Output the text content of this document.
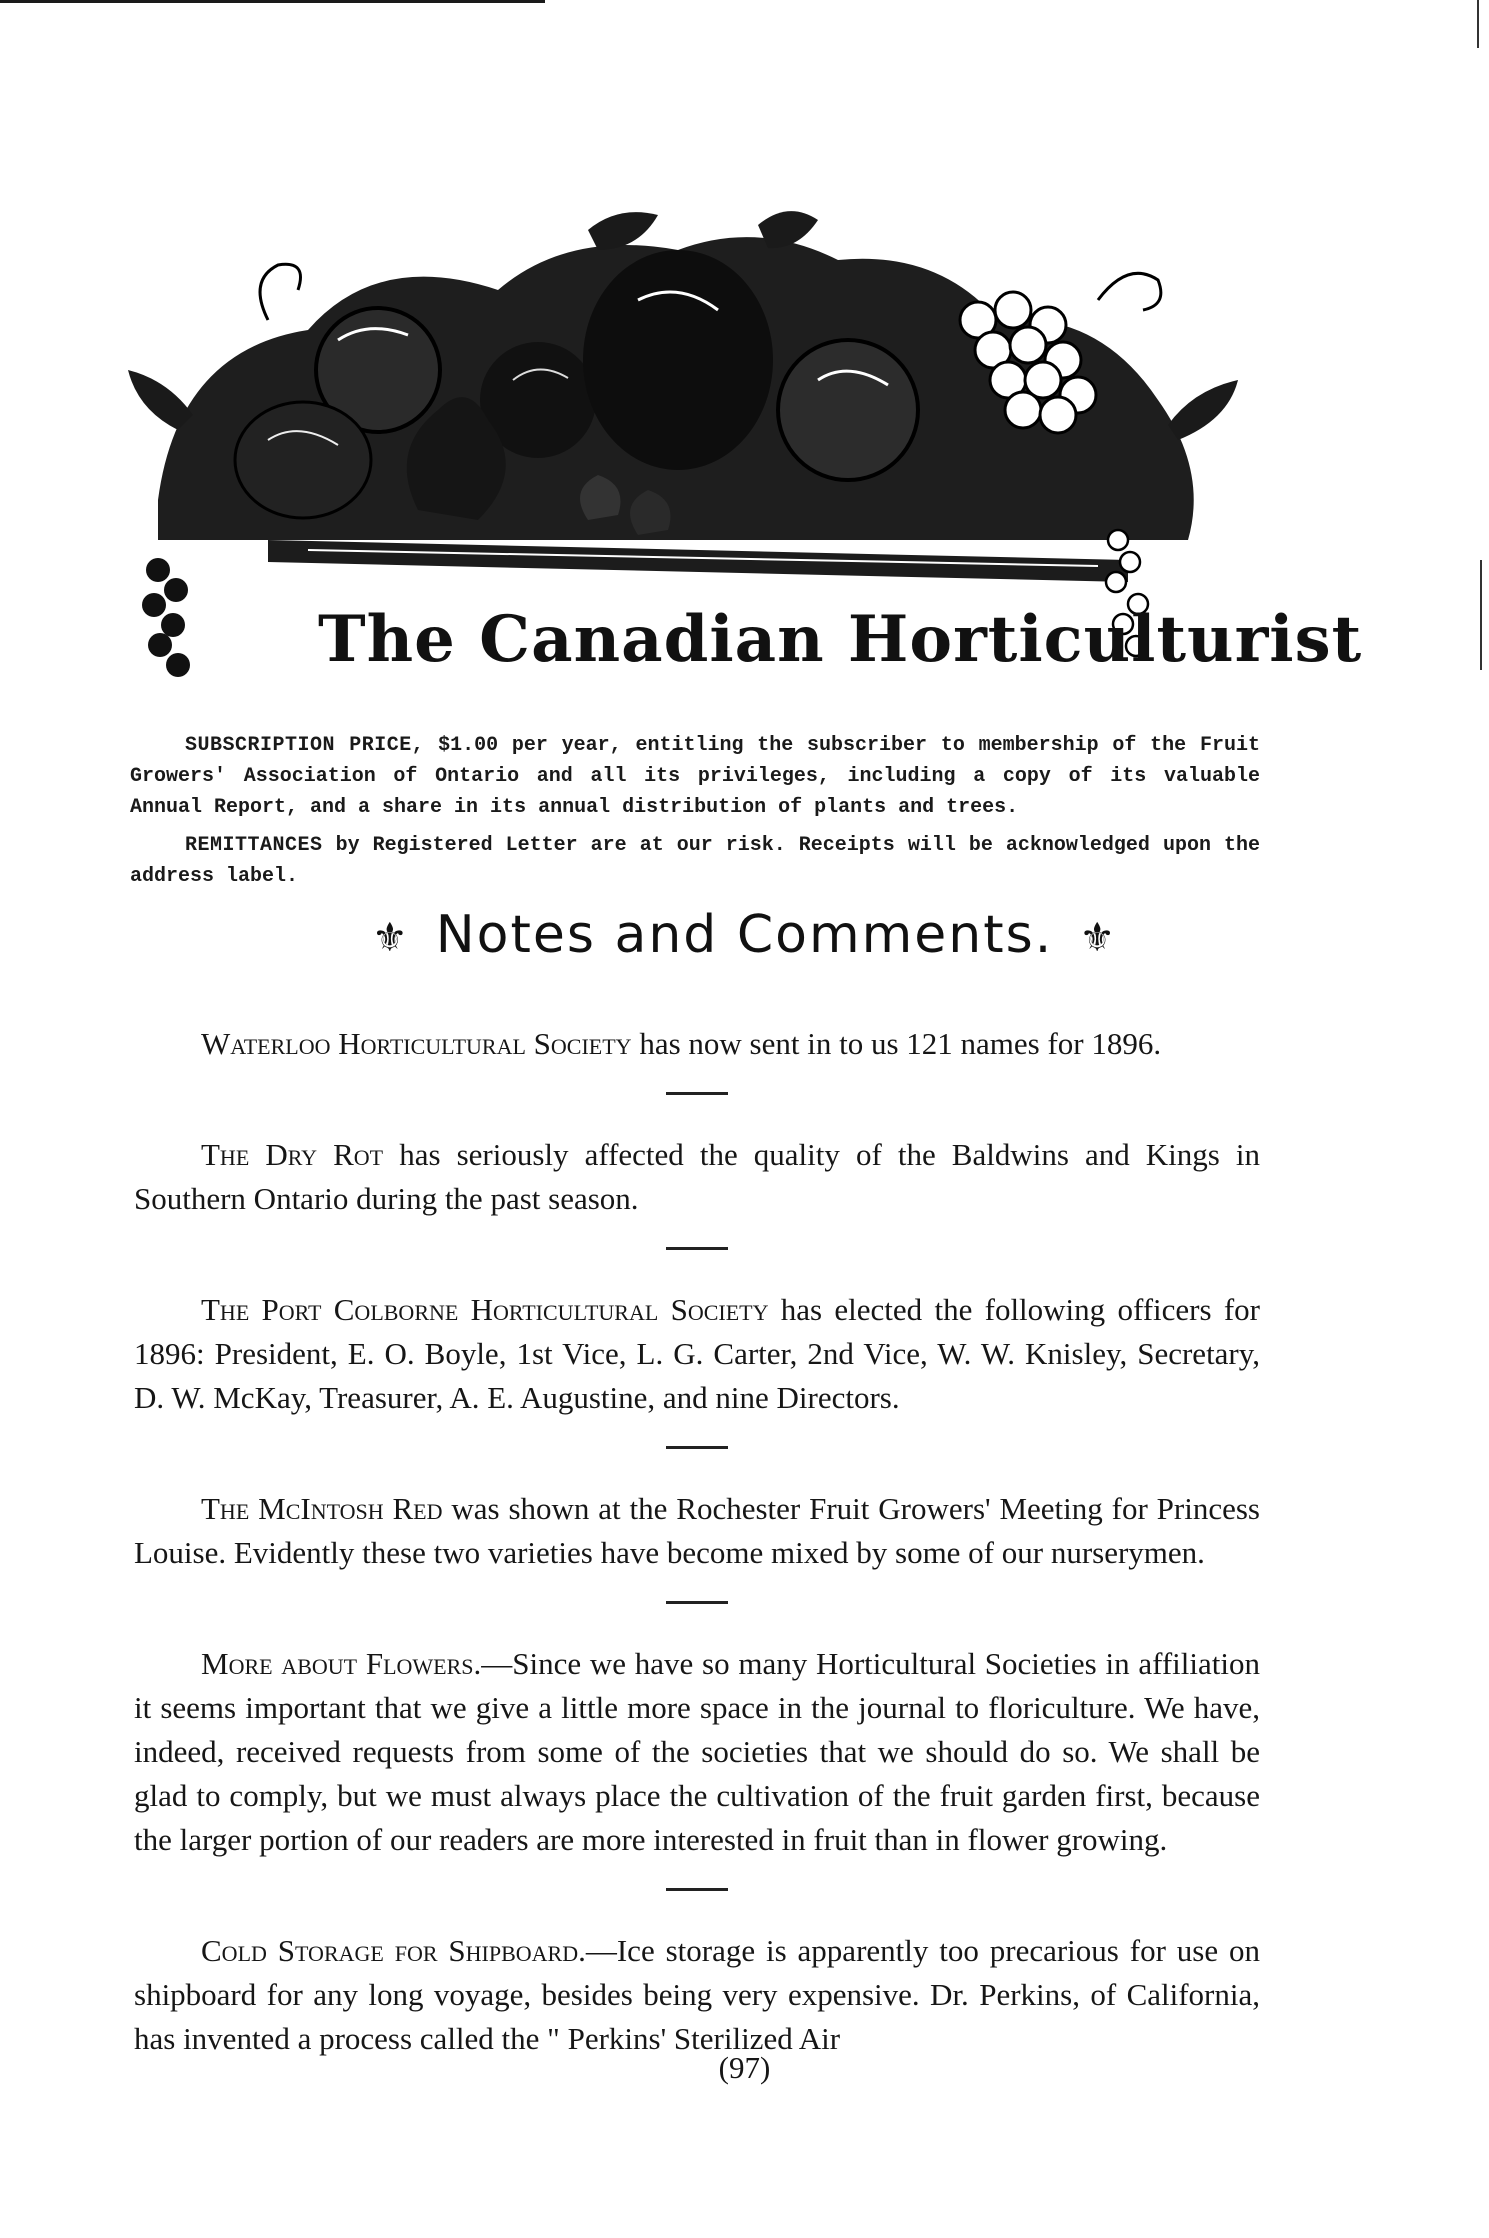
The Canadian Horticulturist

SUBSCRIPTION PRICE, $1.00 per year, entitling the subscriber to membership of the Fruit Growers' Association of Ontario and all its privileges, including a copy of its valuable Annual Report, and a share in its annual distribution of plants and trees.

REMITTANCES by Registered Letter are at our risk. Receipts will be acknowledged upon the address label.

⚜ Notes and Comments. ⚜

Waterloo Horticultural Society has now sent in to us 121 names for 1896.

The Dry Rot has seriously affected the quality of the Baldwins and Kings in Southern Ontario during the past season.

The Port Colborne Horticultural Society has elected the following officers for 1896: President, E. O. Boyle, 1st Vice, L. G. Carter, 2nd Vice, W. W. Knisley, Secretary, D. W. McKay, Treasurer, A. E. Augustine, and nine Directors.

The McIntosh Red was shown at the Rochester Fruit Growers' Meeting for Princess Louise. Evidently these two varieties have become mixed by some of our nurserymen.

More about Flowers.—Since we have so many Horticultural Societies in affiliation it seems important that we give a little more space in the journal to floriculture. We have, indeed, received requests from some of the societies that we should do so. We shall be glad to comply, but we must always place the cultivation of the fruit garden first, because the larger portion of our readers are more interested in fruit than in flower growing.

Cold Storage for Shipboard.—Ice storage is apparently too precarious for use on shipboard for any long voyage, besides being very expensive. Dr. Perkins, of California, has invented a process called the " Perkins' Sterilized Air

(97)
